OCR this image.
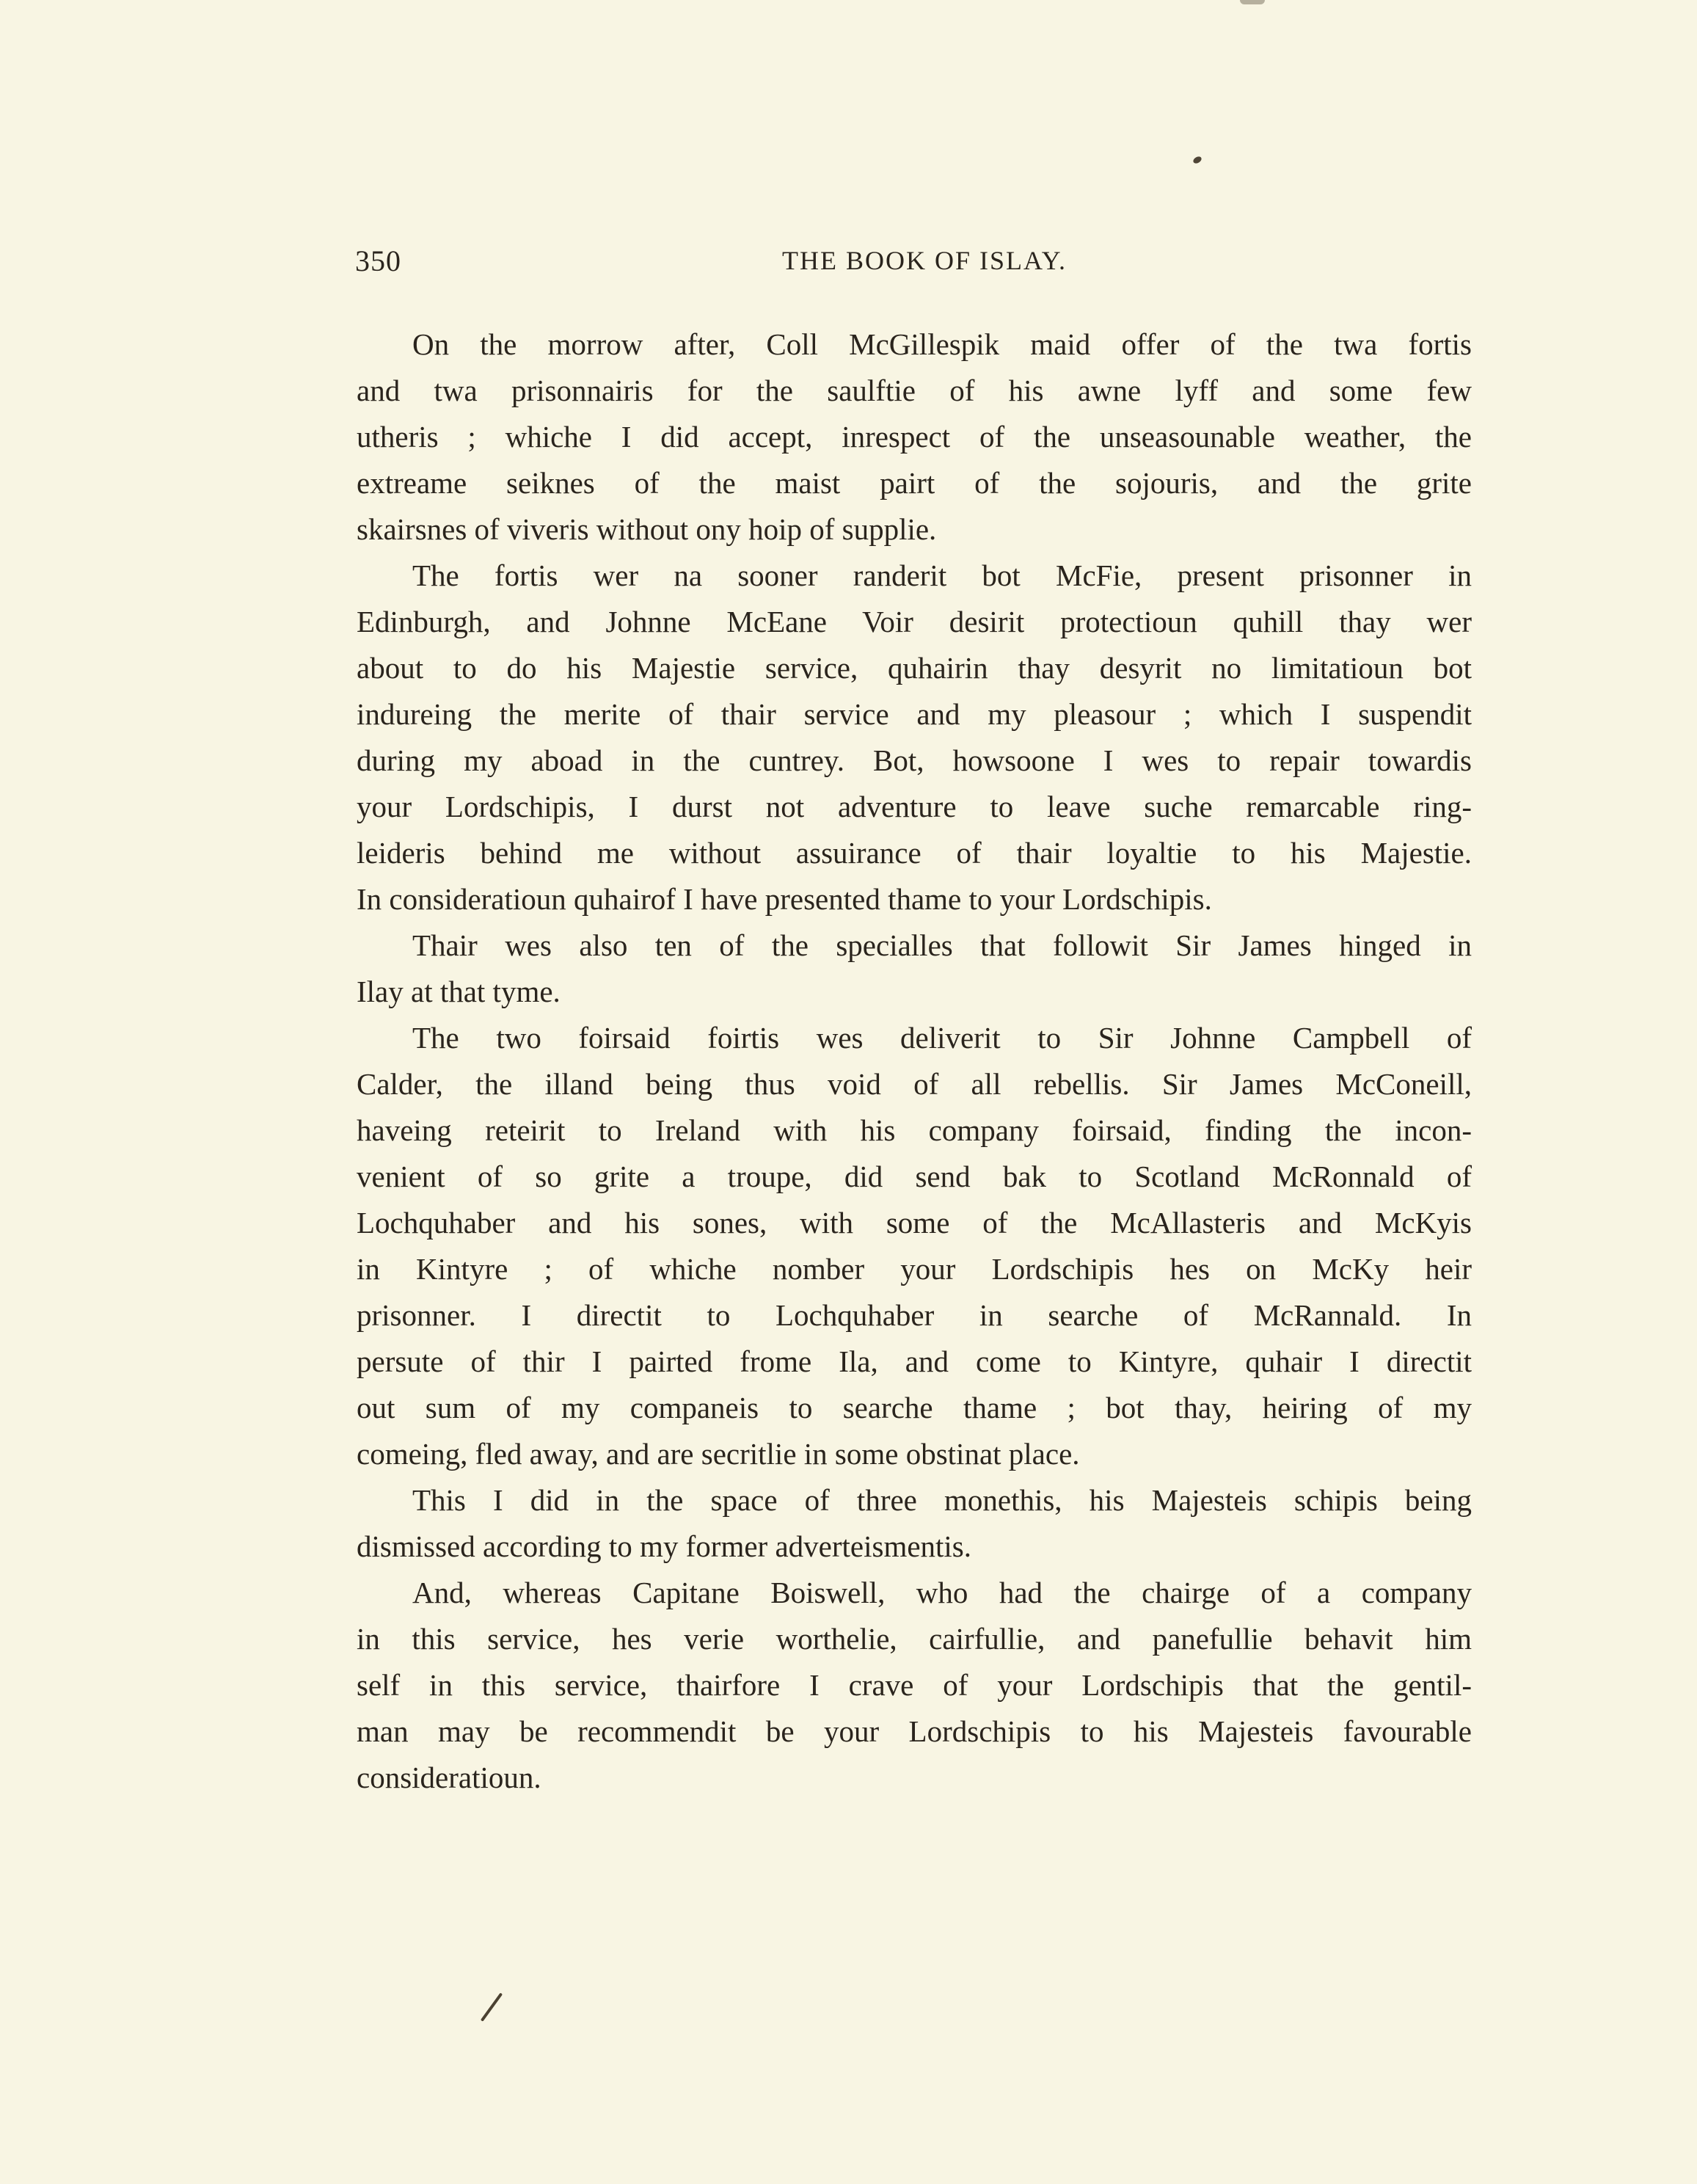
350	THE BOOK OF ISLAY.
On the morrow after, Coll McGillespik maid offer of the twa fortis
and twa prisonnairis for the saulftie of his awne lyff and some few
utheris ; whiche I did accept, inrespect of the unseasounable weather, the
extreame seiknes of the maist pairt of the sojouris, and the grite
skairsnes of viveris without ony hoip of supplie.
The fortis wer na sooner randerit bot McFie, present prisonner in
Edinburgh, and Johnne McEane Voir desirit protectioun quhill thay wer
about to do his Majestie service, quhairin thay desyrit no limitatioun bot
indureing the merite of thair service and my pleasour ; which I suspendit
during my aboad in the cuntrey. Bot, howsoone I wes to repair towardis
your Lordschipis, I durst not adventure to leave suche remarcable ring-
leideris behind me without assuirance of thair loyaltie to his Majestie.
In consideratioun quhairof I have presented thame to your Lordschipis.
Thair wes also ten of the specialles that followit Sir James hinged in
Ilay at that tyme.
The two foirsaid foirtis wes deliverit to Sir Johnne Campbell of
Calder, the illand being thus void of all rebellis. Sir James McConeill,
haveing reteirit to Ireland with his company foirsaid, finding the incon-
venient of so grite a troupe, did send bak to Scotland McRonnald of
Lochquhaber and his sones, with some of the McAllasteris and McKyis
in Kintyre ; of whiche nomber your Lordschipis hes on McKy heir
prisonner. I directit to Lochquhaber in searche of McRannald. In
persute of thir I pairted frome Ila, and come to Kintyre, quhair I directit
out sum of my companeis to searche thame ; bot thay, heiring of my
comeing, fled away, and are secritlie in some obstinat place.
This I did in the space of three monethis, his Majesteis schipis being
dismissed according to my former adverteismentis.
And, whereas Capitane Boiswell, who had the chairge of a company
in this service, hes verie worthelie, cairfullie, and panefullie behavit him
self in this service, thairfore I crave of your Lordschipis that the gentil-
man may be recommendit be your Lordschipis to his Majesteis favourable
consideratioun.
